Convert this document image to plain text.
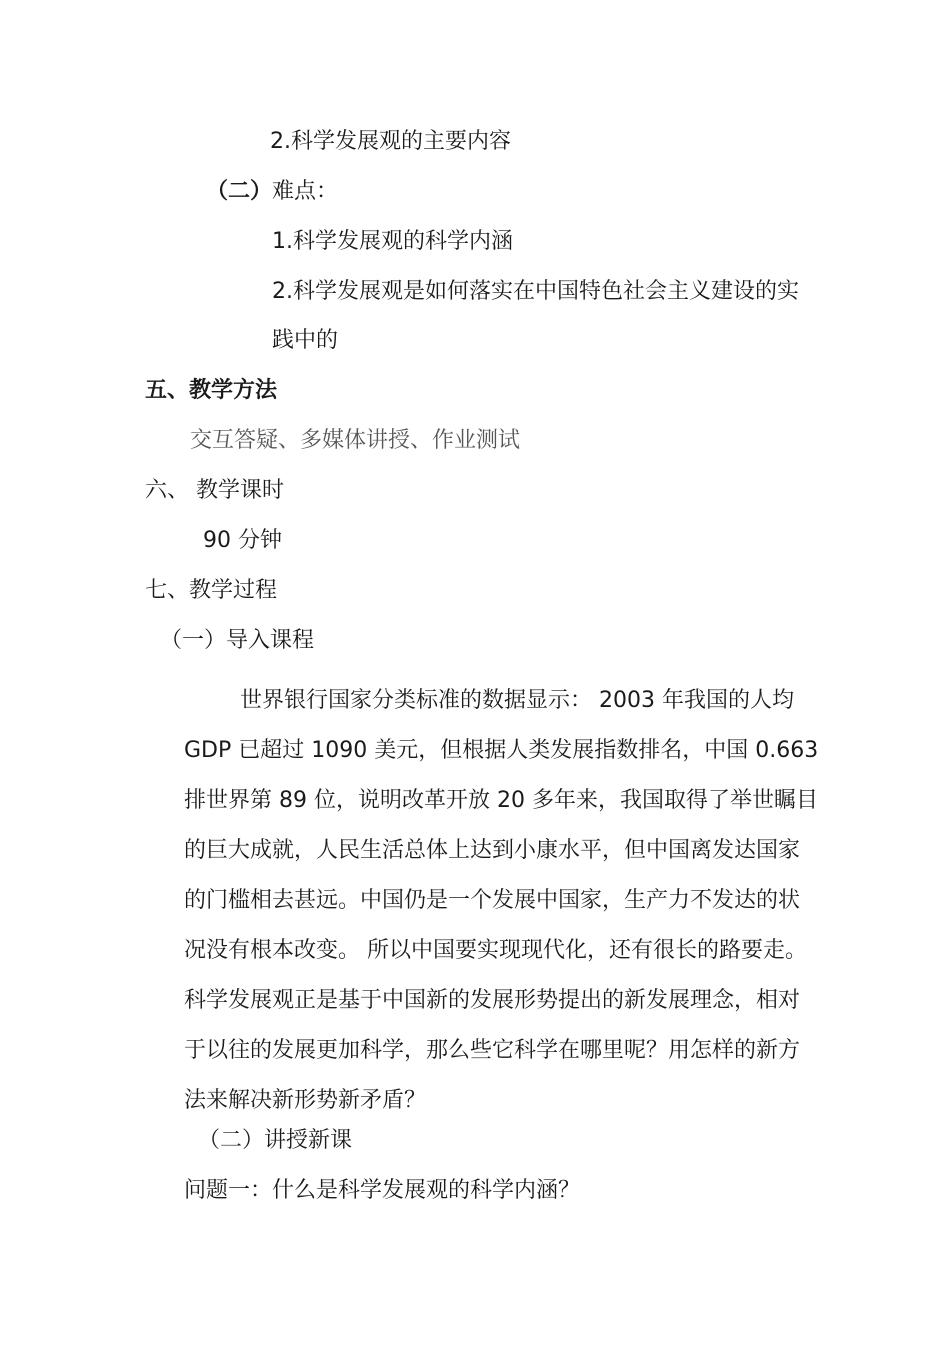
2.科学发展观的主要内容
（二）难点：
1.科学发展观的科学内涵
2.科学发展观是如何落实在中国特色社会主义建设的实
践中的
五、教学方法
交互答疑、多媒体讲授、作业测试
六、 教学课时
90 分钟
七、教学过程
（一）导入课程
世界银行国家分类标准的数据显示： 2003 年我国的人均
GDP 已超过 1090 美元，但根据人类发展指数排名，中国 0.663
排世界第 89 位，说明改革开放 20 多年来，我国取得了举世瞩目
的巨大成就，人民生活总体上达到小康水平，但中国离发达国家
的门槛相去甚远。中国仍是一个发展中国家，生产力不发达的状
况没有根本改变。 所以中国要实现现代化，还有很长的路要走。
科学发展观正是基于中国新的发展形势提出的新发展理念，相对
于以往的发展更加科学，那么些它科学在哪里呢？用怎样的新方
法来解决新形势新矛盾？
（二）讲授新课
问题一：什么是科学发展观的科学内涵？
